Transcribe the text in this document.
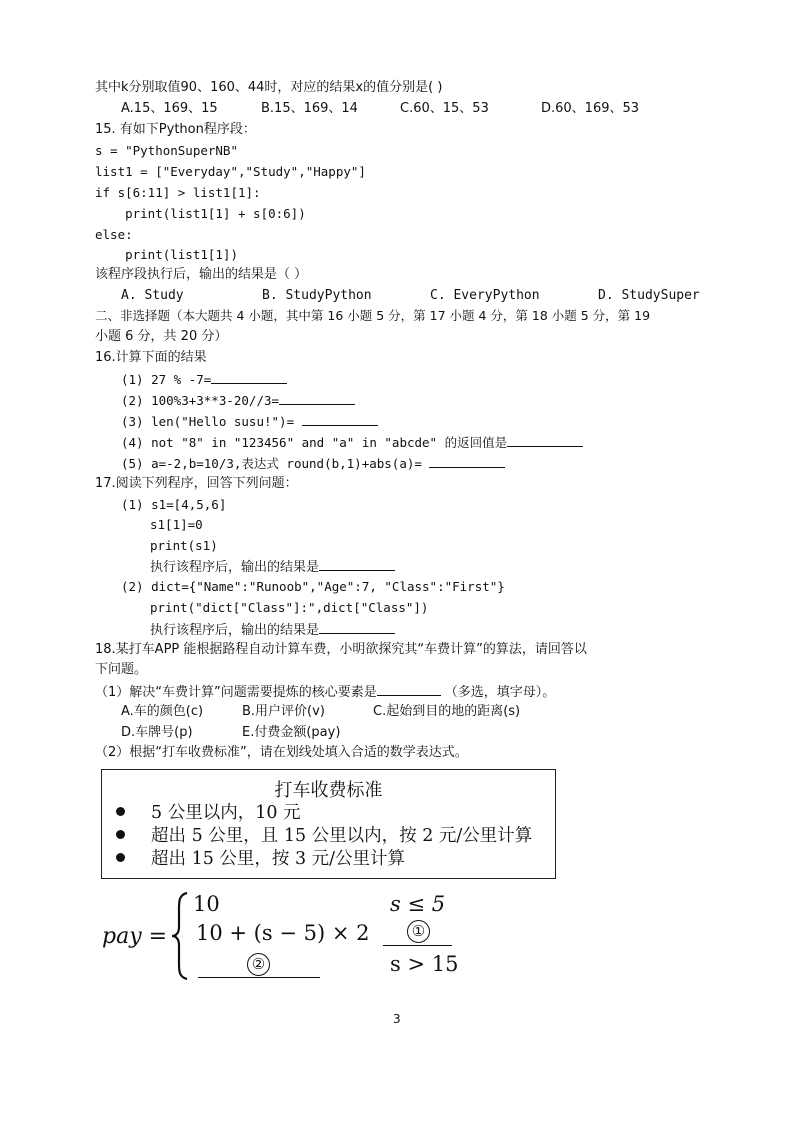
其中k分别取值90、160、44时，对应的结果x的值分别是( )
A.15、169、15	B.15、169、14	C.60、15、53	D.60、169、53
15. 有如下Python程序段：
s = "PythonSuperNB"
list1 = ["Everyday","Study","Happy"]
if s[6:11] > list1[1]:
print(list1[1] + s[0:6])
else:
print(list1[1])
该程序段执行后，输出的结果是（ ）
A. Study	B. StudyPython	C. EveryPython	D. StudySuper
二、非选择题（本大题共 4 小题，其中第 16 小题 5 分，第 17 小题 4 分，第 18 小题 5 分，第 19
小题 6 分，共 20 分）
16.计算下面的结果
(1) 27 % -7=
(2) 100%3+3**3-20//3=
(3) len("Hello susu!")=
(4) not "8" in "123456" and "a" in "abcde" 的返回值是
(5) a=-2,b=10/3,表达式 round(b,1)+abs(a)=
17.阅读下列程序，回答下列问题：
(1) s1=[4,5,6]
s1[1]=0
print(s1)
执行该程序后，输出的结果是
(2) dict={"Name":"Runoob","Age":7, "Class":"First"}
print("dict["Class"]:",dict["Class"])
执行该程序后，输出的结果是
18.某打车APP 能根据路程自动计算车费，小明欲探究其“车费计算”的算法，请回答以
下问题。
（1）解决“车费计算”问题需要提炼的核心要素是	（多选，填字母）。
A.车的颜色(c)	B.用户评价(v)	C.起始到目的地的距离(s)
D.车牌号(p)	E.付费金额(pay)
（2）根据“打车收费标准”，请在划线处填入合适的数学表达式。
打车收费标准
5 公里以内，10 元
超出 5 公里，且 15 公里以内，按 2 元/公里计算
超出 15 公里，按 3 元/公里计算
pay =
10	s ≤ 5
10 + (s − 5) × 2	①
②	s > 15
3
